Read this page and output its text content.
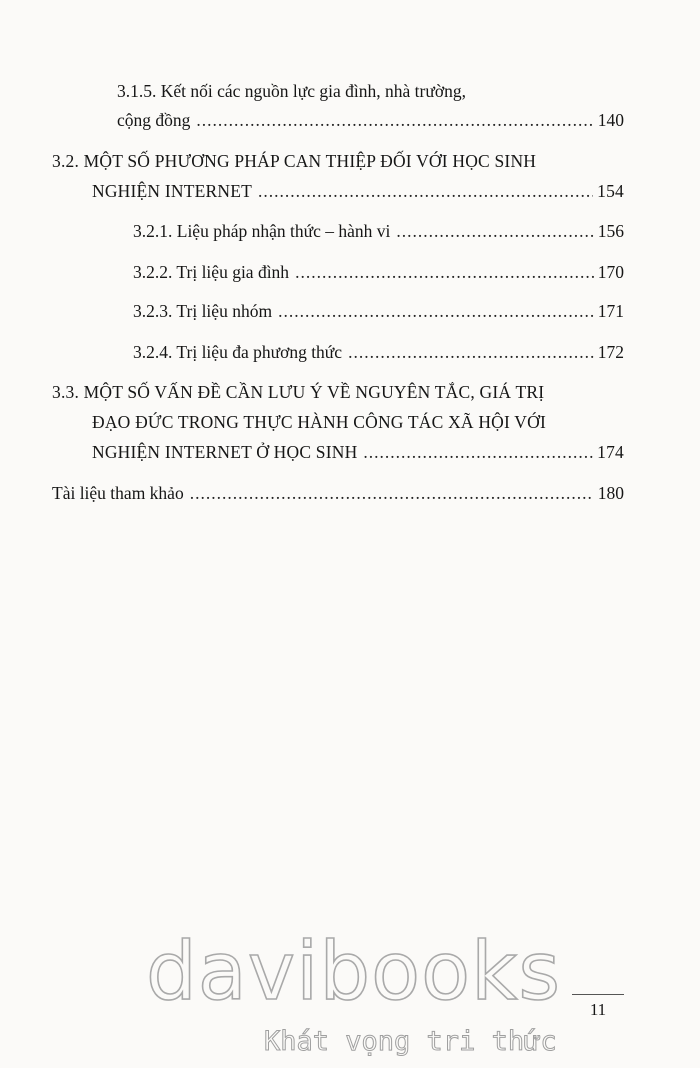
3.1.5. Kết nối các nguồn lực gia đình, nhà trường,
cộng đồng .....	140
3.2. MỘT SỐ PHƯƠNG PHÁP CAN THIỆP ĐỐI VỚI HỌC SINH
NGHIỆN INTERNET .....	154
3.2.1. Liệu pháp nhận thức – hành vi .....	156
3.2.2. Trị liệu gia đình .....	170
3.2.3. Trị liệu nhóm .....	171
3.2.4. Trị liệu đa phương thức .....	172
3.3. MỘT SỐ VẤN ĐỀ CẦN LƯU Ý VỀ NGUYÊN TẮC, GIÁ TRỊ
ĐẠO ĐỨC TRONG THỰC HÀNH CÔNG TÁC XÃ HỘI VỚI
NGHIỆN INTERNET Ở HỌC SINH .....	174
Tài liệu tham khảo .....	180
davibooks	11
Khát vọng tri thức
